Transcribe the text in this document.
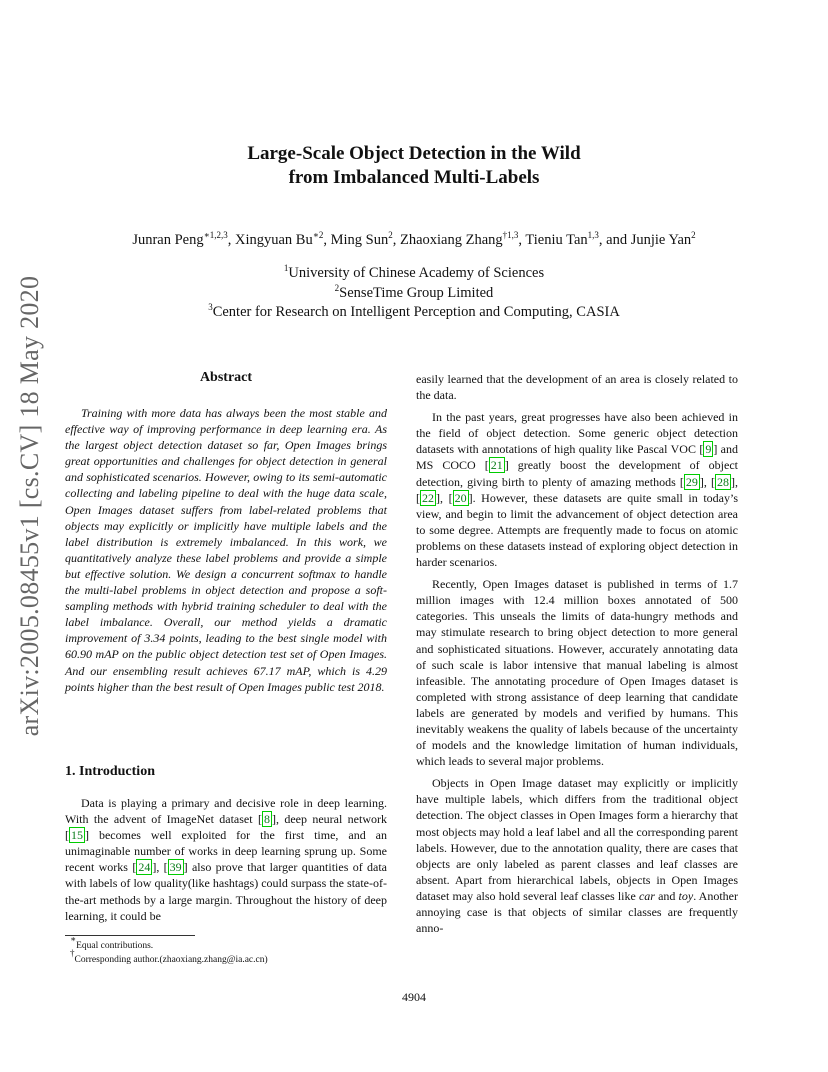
arXiv:2005.08455v1 [cs.CV] 18 May 2020
Large-Scale Object Detection in the Wild
from Imbalanced Multi-Labels
Junran Peng$^{∗1,2,3}$, Xingyuan $Bu^{∗2}$, Ming Sun$^2$, Zhaoxiang Zhang$^{\dagger 1,3}$, Tieniu Tan$^{1,3}$, and Junjie Yan$^2$
$^1$University of Chinese Academy of Sciences
$^2$SenseTime Group Limited
$^3$Center for Research on Intelligent Perception and Computing, CASIA
Abstract

Training with more data has always been the most stable and effective way of improving performance in deep learning era. As the largest object detection dataset so far, Open Images brings great opportunities and challenges for object detection in general and sophisticated scenarios. However, owing to its semi-automatic collecting and labeling pipeline to deal with the huge data scale, Open Images dataset suffers from label-related problems that objects may explicitly or implicitly have multiple labels and the label distribution is extremely imbalanced. In this work, we quantitatively analyze these label problems and provide a simple but effective solution. We design a concurrent softmax to handle the multi-label problems in object detection and propose a soft-sampling methods with hybrid training scheduler to deal with the label imbalance. Overall, our method yields a dramatic improvement of 3.34 points, leading to the best single model with 60.90 mAP on the public object detection test set of Open Images. And our ensembling result achieves 67.17 mAP, which is 4.29 points higher than the best result of Open Images public test 2018.

1. Introduction

Data is playing a primary and decisive role in deep learning. With the advent of ImageNet dataset [ 8 ], deep neural network [ 15 ] becomes well exploited for the first time, and an unimaginable number of works in deep learning sprung up. Some recent works [ 24 ], [ 39 ] also prove that larger quantities of data with labels of low quality(like hashtags) could surpass the state-of-the-art methods by a large margin. Throughout the history of deep learning, it could be

easily learned that the development of an area is closely related to the data.

In the past years, great progresses have also been achieved in the field of object detection. Some generic object detection datasets with annotations of high quality like Pascal VOC [ 9 ] and MS COCO [ 21 ] greatly boost the development of object detection, giving birth to plenty of amazing methods [ 29 ], [ 28 ], [ 22 ], [ 20 ]. However, these datasets are quite small in today’s view, and begin to limit the advancement of object detection area to some degree. Attempts are frequently made to focus on atomic problems on these datasets instead of exploring object detection in harder scenarios.

Recently, Open Images dataset is published in terms of 1.7 million images with 12.4 million boxes annotated of 500 categories. This unseals the limits of data-hungry methods and may stimulate research to bring object detection to more general and sophisticated situations. However, accurately annotating data of such scale is labor intensive that manual labeling is almost infeasible. The annotating procedure of Open Images dataset is completed with strong assistance of deep learning that candidate labels are generated by models and verified by humans. This inevitably weakens the quality of labels because of the uncertainty of models and the knowledge limitation of human individuals, which leads to several major problems.

Objects in Open Image dataset may explicitly or implicitly have multiple labels, which differs from the traditional object detection. The object classes in Open Images form a hierarchy that most objects may hold a leaf label and all the corresponding parent labels. However, due to the annotation quality, there are cases that objects are only labeled as parent classes and leaf classes are absent. Apart from hierarchical labels, objects in Open Images dataset may also hold several leaf classes like car and toy. Another annoying case is that objects of similar classes are frequently anno-

∗Equal contributions.
†Corresponding author.(zhaoxiang.zhang@ia.ac.cn)
4904
